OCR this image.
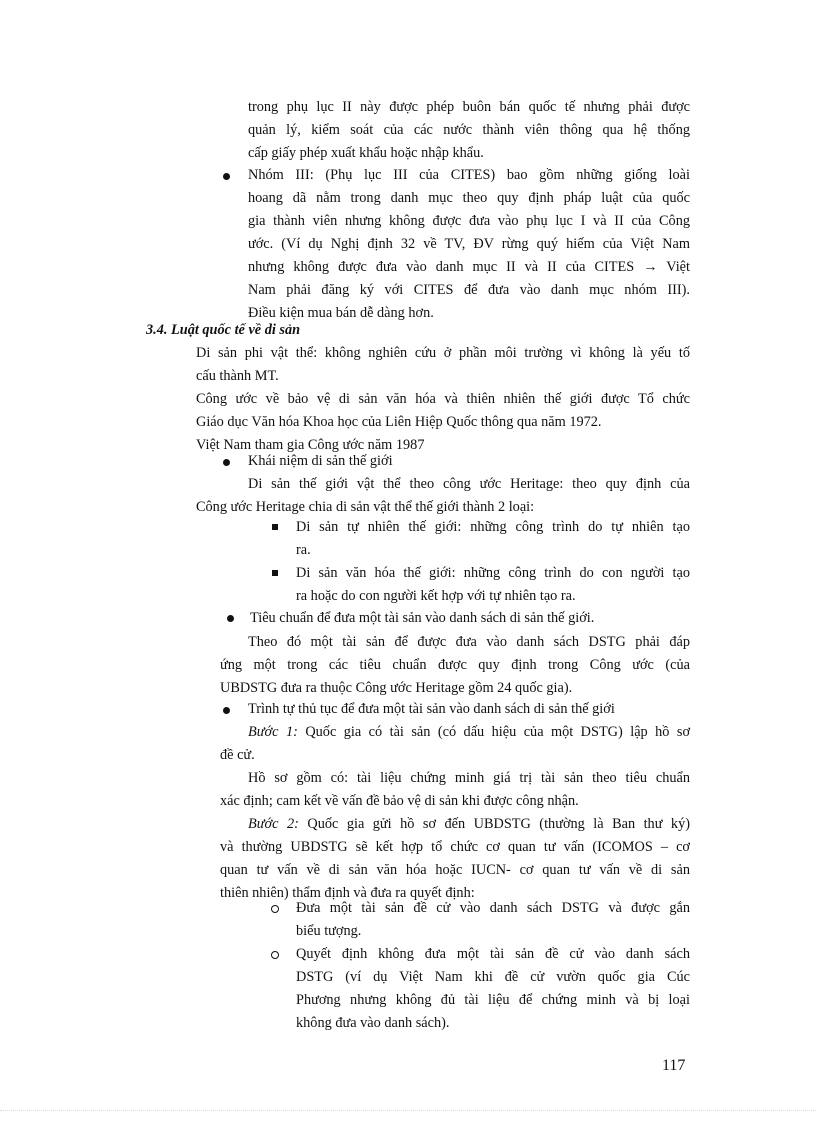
trong phụ lục II này được phép buôn bán quốc tế nhưng phải được
quản lý, kiểm soát của các nước thành viên thông qua hệ thống
cấp giấy phép xuất khẩu hoặc nhập khẩu.
Nhóm III: (Phụ lục III của CITES) bao gồm những giống loài
hoang dã nằm trong danh mục theo quy định pháp luật của quốc
gia thành viên nhưng không được đưa vào phụ lục I và II của Công
ước. (Ví dụ Nghị định 32 về TV, ĐV rừng quý hiếm của Việt Nam
nhưng không được đưa vào danh mục II và II của CITES → Việt
Nam phải đăng ký với CITES để đưa vào danh mục nhóm III).
Điều kiện mua bán dễ dàng hơn.
3.4. Luật quốc tế về di sản
Di sản phi vật thể: không nghiên cứu ở phần môi trường vì không là yếu tố
cấu thành MT.
Công ước về bảo vệ di sản văn hóa và thiên nhiên thế giới được Tổ chức
Giáo dục Văn hóa Khoa học của Liên Hiệp Quốc thông qua năm 1972.
Việt Nam tham gia Công ước năm 1987
Khái niệm di sản thế giới
Di sản thế giới vật thể theo công ước Heritage: theo quy định của
Công ước Heritage chia di sản vật thể thế giới thành 2 loại:
Di sản tự nhiên thế giới: những công trình do tự nhiên tạo
ra.
Di sản văn hóa thế giới: những công trình do con người tạo
ra hoặc do con người kết hợp với tự nhiên tạo ra.
Tiêu chuẩn để đưa một tài sản vào danh sách di sản thế giới.
Theo đó một tài sản để được đưa vào danh sách DSTG phải đáp
ứng một trong các tiêu chuẩn được quy định trong Công ước (của
UBDSTG đưa ra thuộc Công ước Heritage gồm 24 quốc gia).
Trình tự thủ tục để đưa một tài sản vào danh sách di sản thế giới
Bước 1: Quốc gia có tài sản (có dấu hiệu của một DSTG) lập hồ sơ
đề cử.
Hồ sơ gồm có: tài liệu chứng minh giá trị tài sản theo tiêu chuẩn
xác định; cam kết về vấn đề bảo vệ di sản khi được công nhận.
Bước 2: Quốc gia gửi hồ sơ đến UBDSTG (thường là Ban thư ký)
và thường UBDSTG sẽ kết hợp tổ chức cơ quan tư vấn (ICOMOS – cơ
quan tư vấn về di sản văn hóa hoặc IUCN- cơ quan tư vấn về di sản
thiên nhiên) thẩm định và đưa ra quyết định:
Đưa một tài sản đề cử vào danh sách DSTG và được gắn
biểu tượng.
Quyết định không đưa một tài sản đề cử vào danh sách
DSTG (ví dụ Việt Nam khi đề cử vườn quốc gia Cúc
Phương nhưng không đủ tài liệu để chứng minh và bị loại
không đưa vào danh sách).
117
